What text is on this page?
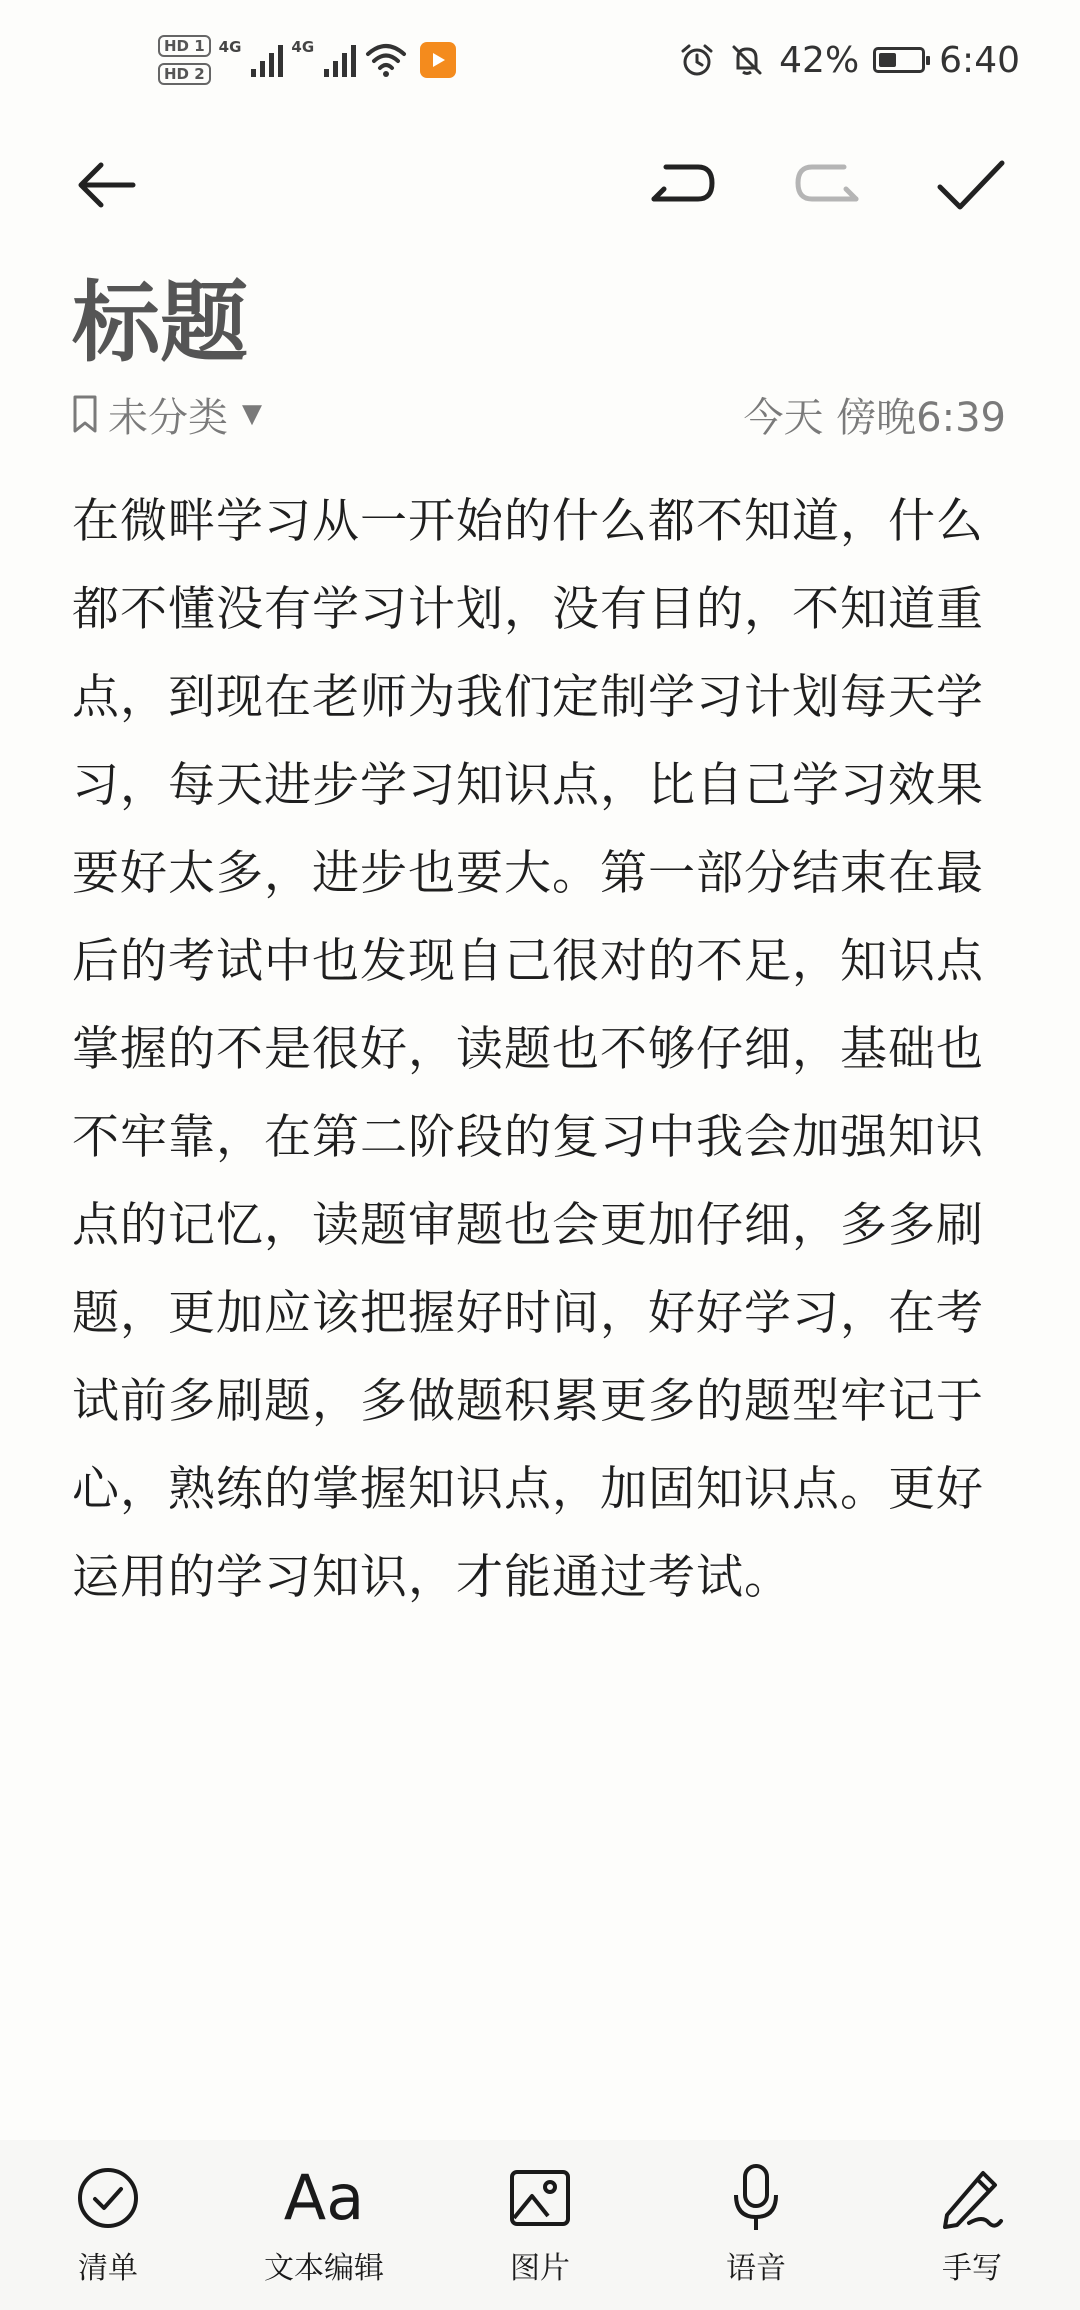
HD 1
HD 2
4G	4G	42% 6:40
标题
未分类 ▼	今天 傍晚6:39

在微畔学习从一开始的什么都不知道，什么都不懂没有学习计划，没有目的，不知道重点，到现在老师为我们定制学习计划每天学习，每天进步学习知识点，比自己学习效果要好太多，进步也要大。第一部分结束在最后的考试中也发现自己很对的不足，知识点掌握的不是很好，读题也不够仔细，基础也不牢靠，在第二阶段的复习中我会加强知识点的记忆，读题审题也会更加仔细，多多刷题，更加应该把握好时间，好好学习，在考试前多刷题，多做题积累更多的题型牢记于心，熟练的掌握知识点，加固知识点。更好运用的学习知识，才能通过考试。

清单
Aa
文本编辑	图片	语音	手写
